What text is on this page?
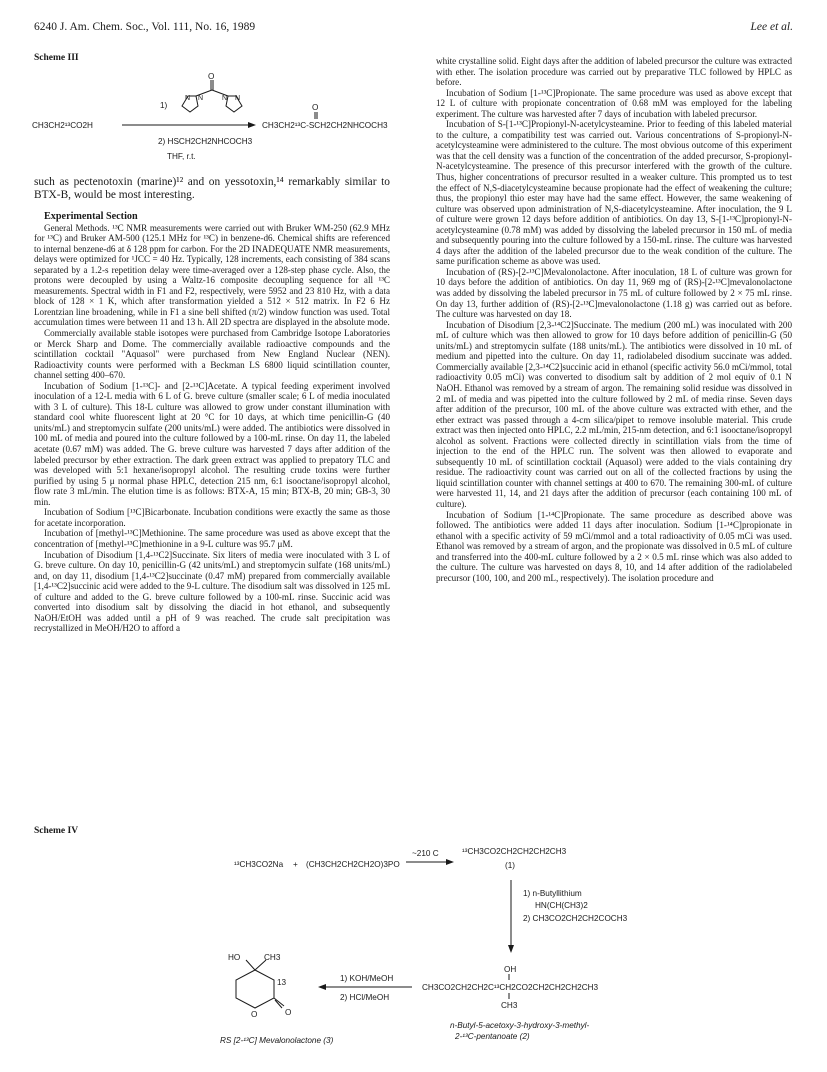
6240 J. Am. Chem. Soc., Vol. 111, No. 16, 1989	Lee et al.
Scheme III
O
N N	N N
1)
CH3CH2¹³CO2H
O
CH3CH2¹³C-SCH2CH2NHCOCH3
2) HSCH2CH2NHCOCH3
THF, r.t.

such as pectenotoxin (marine)¹² and on yessotoxin,¹⁴ remarkably similar to BTX-B, would be most interesting.

Experimental Section

General Methods. ¹³C NMR measurements were carried out with Bruker WM-250 (62.9 MHz for ¹³C) and Bruker AM-500 (125.1 MHz for ¹³C) in benzene-d6. Chemical shifts are referenced to internal benzene-d6 at δ 128 ppm for carbon. For the 2D INADEQUATE NMR measurements, delays were optimized for ¹JCC = 40 Hz. Typically, 128 increments, each consisting of 384 scans separated by a 1.2-s repetition delay were time-averaged over a 128-step phase cycle. Also, the protons were decoupled by using a Waltz-16 composite decoupling sequence for all ¹³C measurements. Spectral width in F1 and F2, respectively, were 5952 and 23 810 Hz, with a data block of 128 × 1 K, which after transformation yielded a 512 × 512 matrix. In F2 6 Hz Lorentzian line broadening, while in F1 a sine bell shifted (π/2) window function was used. Total accumulation times were between 11 and 13 h. All 2D spectra are displayed in the absolute mode.

Commercially available stable isotopes were purchased from Cambridge Isotope Laboratories or Merck Sharp and Dome. The commercially available radioactive compounds and the scintillation cocktail "Aquasol" were purchased from New England Nuclear (NEN). Radioactivity counts were performed with a Beckman LS 6800 liquid scintillation counter, channel setting 400–670.

Incubation of Sodium [1-¹³C]- and [2-¹³C]Acetate. A typical feeding experiment involved inoculation of a 12-L media with 6 L of G. breve culture (smaller scale; 6 L of media inoculated with 3 L of culture). This 18-L culture was allowed to grow under constant illumination with standard cool white fluorescent light at 20 °C for 10 days, at which time penicillin-G (40 units/mL) and streptomycin sulfate (200 units/mL) were added. The antibiotics were dissolved in 100 mL of media and poured into the culture followed by a 100-mL rinse. On day 11, the labeled acetate (0.67 mM) was added. The G. breve culture was harvested 7 days after addition of the labeled precursor by ether extraction. The dark green extract was applied to prepatory TLC and was developed with 5:1 hexane/isopropyl alcohol. The resulting crude toxins were further purified by using 5 μ normal phase HPLC, detection 215 nm, 6:1 isooctane/isopropyl alcohol, flow rate 3 mL/min. The elution time is as follows: BTX-A, 15 min; BTX-B, 20 min; GB-3, 30 min.

Incubation of Sodium [¹³C]Bicarbonate. Incubation conditions were exactly the same as those for acetate incorporation.

Incubation of [methyl-¹³C]Methionine. The same procedure was used as above except that the concentration of [methyl-¹³C]methionine in a 9-L culture was 95.7 μM.

Incubation of Disodium [1,4-¹³C2]Succinate. Six liters of media were inoculated with 3 L of G. breve culture. On day 10, penicillin-G (42 units/mL) and streptomycin sulfate (168 units/mL) and, on day 11, disodium [1,4-¹³C2]succinate (0.47 mM) prepared from commercially available [1,4-¹³C2]succinic acid were added to the 9-L culture. The disodium salt was dissolved in 125 mL of culture and added to the G. breve culture followed by a 100-mL rinse. Succinic acid was converted into disodium salt by dissolving the diacid in hot ethanol, and subsequently NaOH/EtOH was added until a pH of 9 was reached. The crude salt precipitation was recrystallized in MeOH/H2O to afford a

white crystalline solid. Eight days after the addition of labeled precursor the culture was extracted with ether. The isolation procedure was carried out by preparative TLC followed by HPLC as before.

Incubation of Sodium [1-¹³C]Propionate. The same procedure was used as above except that 12 L of culture with propionate concentration of 0.68 mM was employed for the labeling experiment. The culture was harvested after 7 days of incubation with labeled precursor.

Incubation of S-[1-¹³C]Propionyl-N-acetylcysteamine. Prior to feeding of this labeled material to the culture, a compatibility test was carried out. Various concentrations of S-propionyl-N-acetylcysteamine were administered to the culture. The most obvious outcome of this experiment was that the cell density was a function of the concentration of the added precursor, S-propionyl-N-acetylcysteamine. The presence of this precursor interfered with the growth of the culture. Thus, higher concentrations of precursor resulted in a weaker culture. This prompted us to test the effect of N,S-diacetylcysteamine because propionate had the effect of weakening the culture; thus, the propionyl thio ester may have had the same effect. However, the same weakening of culture was observed upon administration of N,S-diacetylcysteamine. After inoculation, the 9 L of culture were grown 12 days before addition of antibiotics. On day 13, S-[1-¹³C]propionyl-N-acetylcysteamine (0.78 mM) was added by dissolving the labeled precursor in 150 mL of media and subsequently pouring into the culture followed by a 150-mL rinse. The culture was harvested 4 days after the addition of the labeled precursor due to the weak condition of the culture. The same purification scheme as above was used.

Incubation of (RS)-[2-¹³C]Mevalonolactone. After inoculation, 18 L of culture was grown for 10 days before the addition of antibiotics. On day 11, 969 mg of (RS)-[2-¹³C]mevalonolactone was added by dissolving the labeled precursor in 75 mL of culture followed by 2 × 75 mL rinse. On day 13, further addition of (RS)-[2-¹³C]mevalonolactone (1.18 g) was carried out as before. The culture was harvested on day 18.

Incubation of Disodium [2,3-¹⁴C2]Succinate. The medium (200 mL) was inoculated with 200 mL of culture which was then allowed to grow for 10 days before addition of penicillin-G (50 units/mL) and streptomycin sulfate (188 units/mL). The antibiotics were dissolved in 10 mL of medium and pipetted into the culture. On day 11, radiolabeled disodium succinate was added. Commercially available [2,3-¹⁴C2]succinic acid in ethanol (specific activity 56.0 mCi/mmol, total radioactivity 0.05 mCi) was converted to disodium salt by addition of 2 mol equiv of 0.1 N NaOH. Ethanol was removed by a stream of argon. The remaining solid residue was dissolved in 2 mL of media and was pipetted into the culture followed by 2 mL of media rinse. Seven days after addition of the precursor, 100 mL of the above culture was extracted with ether, and the ether extract was passed through a 4-cm silica/pipet to remove insoluble material. This crude extract was then injected onto HPLC, 2.2 mL/min, 215-nm detection, and 6:1 isooctane/isopropyl alcohol as solvent. Fractions were collected directly in scintillation vials from the time of injection to the end of the HPLC run. The solvent was then allowed to evaporate and subsequently 10 mL of scintillation cocktail (Aquasol) were added to the vials containing dry residue. The radioactivity count was carried out on all of the collected fractions by using the liquid scintillation counter with channel settings at 400 to 670. The remaining 300-mL of culture were harvested 11, 14, and 21 days after the addition of precursor (each containing 100 mL of culture).

Incubation of Sodium [1-¹⁴C]Propionate. The same procedure as described above was followed. The antibiotics were added 11 days after inoculation. Sodium [1-¹⁴C]propionate in ethanol with a specific activity of 59 mCi/mmol and a total radioactivity of 0.05 mCi was used. Ethanol was removed by a stream of argon, and the propionate was dissolved in 0.5 mL of culture and transferred into the 400-mL culture followed by a 2 × 0.5 mL rinse which was also added to the culture. The culture was harvested on days 8, 10, and 14 after addition of the radiolabeled precursor (100, 100, and 200 mL, respectively). The isolation procedure and

Scheme IV
¹³CH3CO2Na + (CH3CH2CH2CH2O)3PO
~210 C	¹³CH3CO2CH2CH2CH2CH3
(1)
1) n-Butyllithium
HN(CH(CH3)2
2) CH3CO2CH2CH2COCH3
OH
CH3CO2CH2CH2C¹³CH2CO2CH2CH2CH2CH3
CH3
n-Butyl-5-acetoxy-3-hydroxy-3-methyl-
2-¹³C-pentanoate (2)
1) KOH/MeOH
2) HCl/MeOH
HO	CH3
13
O	O
RS [2-¹³C] Mevalonolactone (3)
